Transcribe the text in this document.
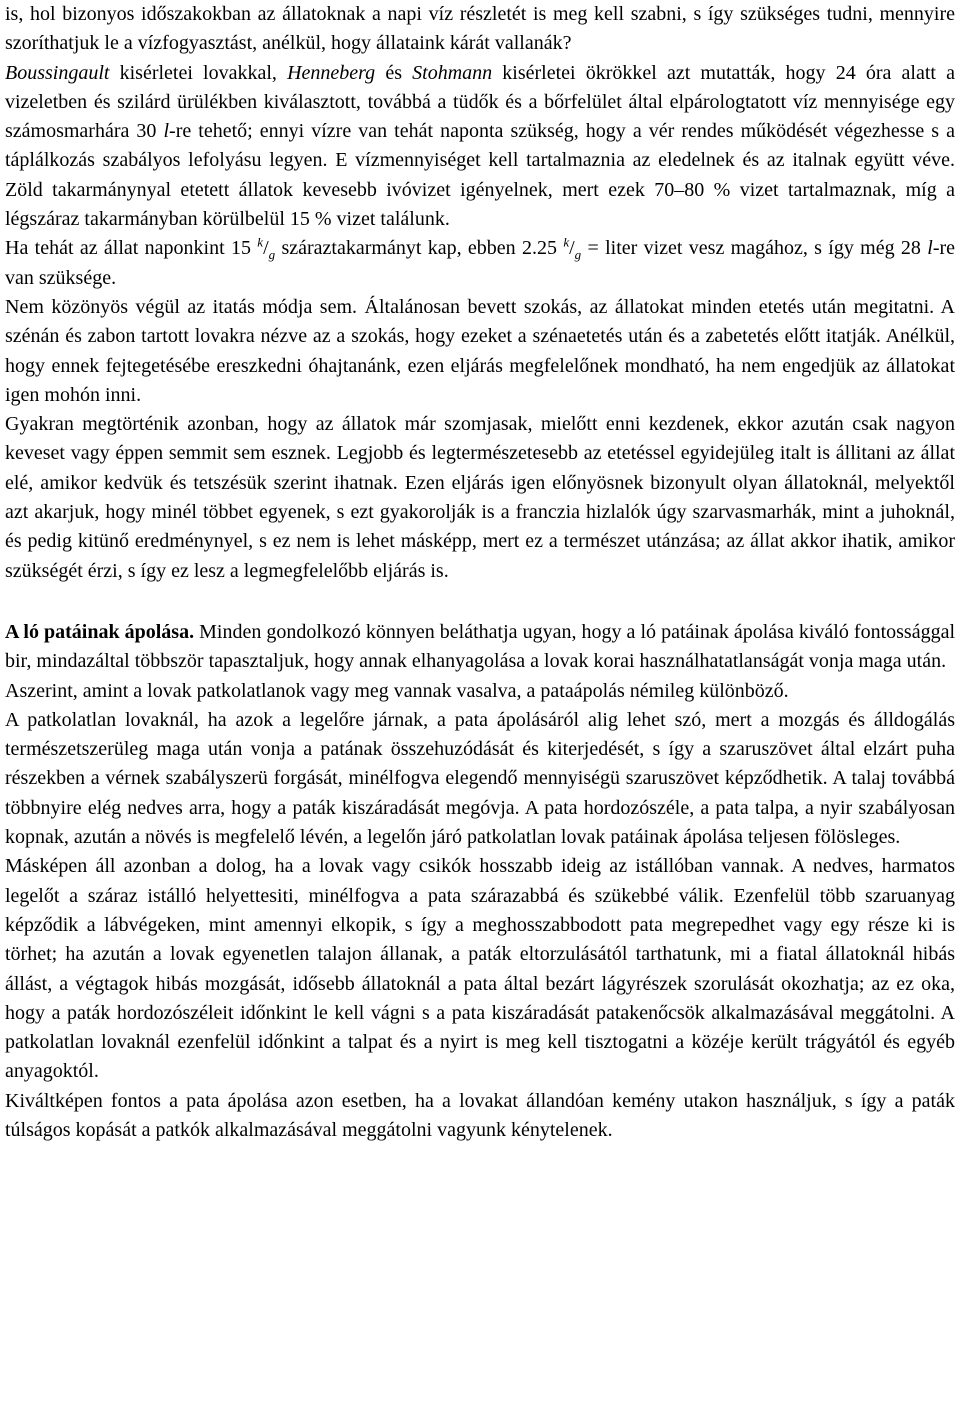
is, hol bizonyos időszakokban az állatoknak a napi víz részletét is meg kell szabni, s így szükséges tudni, mennyire szoríthatjuk le a vízfogyasztást, anélkül, hogy állataink kárát vallanák?

Boussingault kisérletei lovakkal, Henneberg és Stohmann kisérletei ökrökkel azt mutatták, hogy 24 óra alatt a vizeletben és szilárd ürülékben kiválasztott, továbbá a tüdők és a bőrfelület által elpárologtatott víz mennyisége egy számosmarhára 30 l-re tehető; ennyi vízre van tehát naponta szükség, hogy a vér rendes működését végezhesse s a táplálkozás szabályos lefolyásu legyen. E vízmennyiséget kell tartalmaznia az eledelnek és az italnak együtt véve. Zöld takarmánynyal etetett állatok kevesebb ivóvizet igényelnek, mert ezek 70–80 % vizet tartalmaznak, míg a légszáraz takarmányban körülbelül 15 % vizet találunk.

Ha tehát az állat naponkint 15 $^k/_g$ száraztakarmányt kap, ebben 2.25 $^k/_g$ = liter vizet vesz magához, s így még 28 l-re van szüksége.

Nem közönyös végül az itatás módja sem. Általánosan bevett szokás, az állatokat minden etetés után megitatni. A szénán és zabon tartott lovakra nézve az a szokás, hogy ezeket a szénaetetés után és a zabetetés előtt itatják. Anélkül, hogy ennek fejtegetésébe ereszkedni óhajtanánk, ezen eljárás megfelelőnek mondható, ha nem engedjük az állatokat igen mohón inni.

Gyakran megtörténik azonban, hogy az állatok már szomjasak, mielőtt enni kezdenek, ekkor azután csak nagyon keveset vagy éppen semmit sem esznek. Legjobb és legtermészetesebb az etetéssel egyidejüleg italt is állitani az állat elé, amikor kedvük és tetszésük szerint ihatnak. Ezen eljárás igen előnyösnek bizonyult olyan állatoknál, melyektől azt akarjuk, hogy minél többet egyenek, s ezt gyakorolják is a franczia hizlalók úgy szarvasmarhák, mint a juhoknál, és pedig kitünő eredménynyel, s ez nem is lehet másképp, mert ez a természet utánzása; az állat akkor ihatik, amikor szükségét érzi, s így ez lesz a legmegfelelőbb eljárás is.

A ló patáinak ápolása. Minden gondolkozó könnyen beláthatja ugyan, hogy a ló patáinak ápolása kiváló fontossággal bir, mindazáltal többször tapasztaljuk, hogy annak elhanyagolása a lovak korai használhatatlanságát vonja maga után.

Aszerint, amint a lovak patkolatlanok vagy meg vannak vasalva, a pataápolás némileg különböző.

A patkolatlan lovaknál, ha azok a legelőre járnak, a pata ápolásáról alig lehet szó, mert a mozgás és álldogálás természetszerüleg maga után vonja a patának összehuzódását és kiterjedését, s így a szaruszövet által elzárt puha részekben a vérnek szabályszerü forgását, minélfogva elegendő mennyiségü szaruszövet képződhetik. A talaj továbbá többnyire elég nedves arra, hogy a paták kiszáradását megóvja. A pata hordozószéle, a pata talpa, a nyir szabályosan kopnak, azután a növés is megfelelő lévén, a legelőn járó patkolatlan lovak patáinak ápolása teljesen fölösleges.

Másképen áll azonban a dolog, ha a lovak vagy csikók hosszabb ideig az istállóban vannak. A nedves, harmatos legelőt a száraz istálló helyettesiti, minélfogva a pata szárazabbá és szükebbé válik. Ezenfelül több szaruanyag képződik a lábvégeken, mint amennyi elkopik, s így a meghosszabbodott pata megrepedhet vagy egy része ki is törhet; ha azután a lovak egyenetlen talajon állanak, a paták eltorzulásától tarthatunk, mi a fiatal állatoknál hibás állást, a végtagok hibás mozgását, idősebb állatoknál a pata által bezárt lágyrészek szorulását okozhatja; az ez oka, hogy a paták hordozószéleit időnkint le kell vágni s a pata kiszáradását patakenőcsök alkalmazásával meggátolni. A patkolatlan lovaknál ezenfelül időnkint a talpat és a nyirt is meg kell tisztogatni a közéje került trágyától és egyéb anyagoktól.

Kiváltképen fontos a pata ápolása azon esetben, ha a lovakat állandóan kemény utakon használjuk, s így a paták túlságos kopását a patkók alkalmazásával meggátolni vagyunk kénytelenek.
